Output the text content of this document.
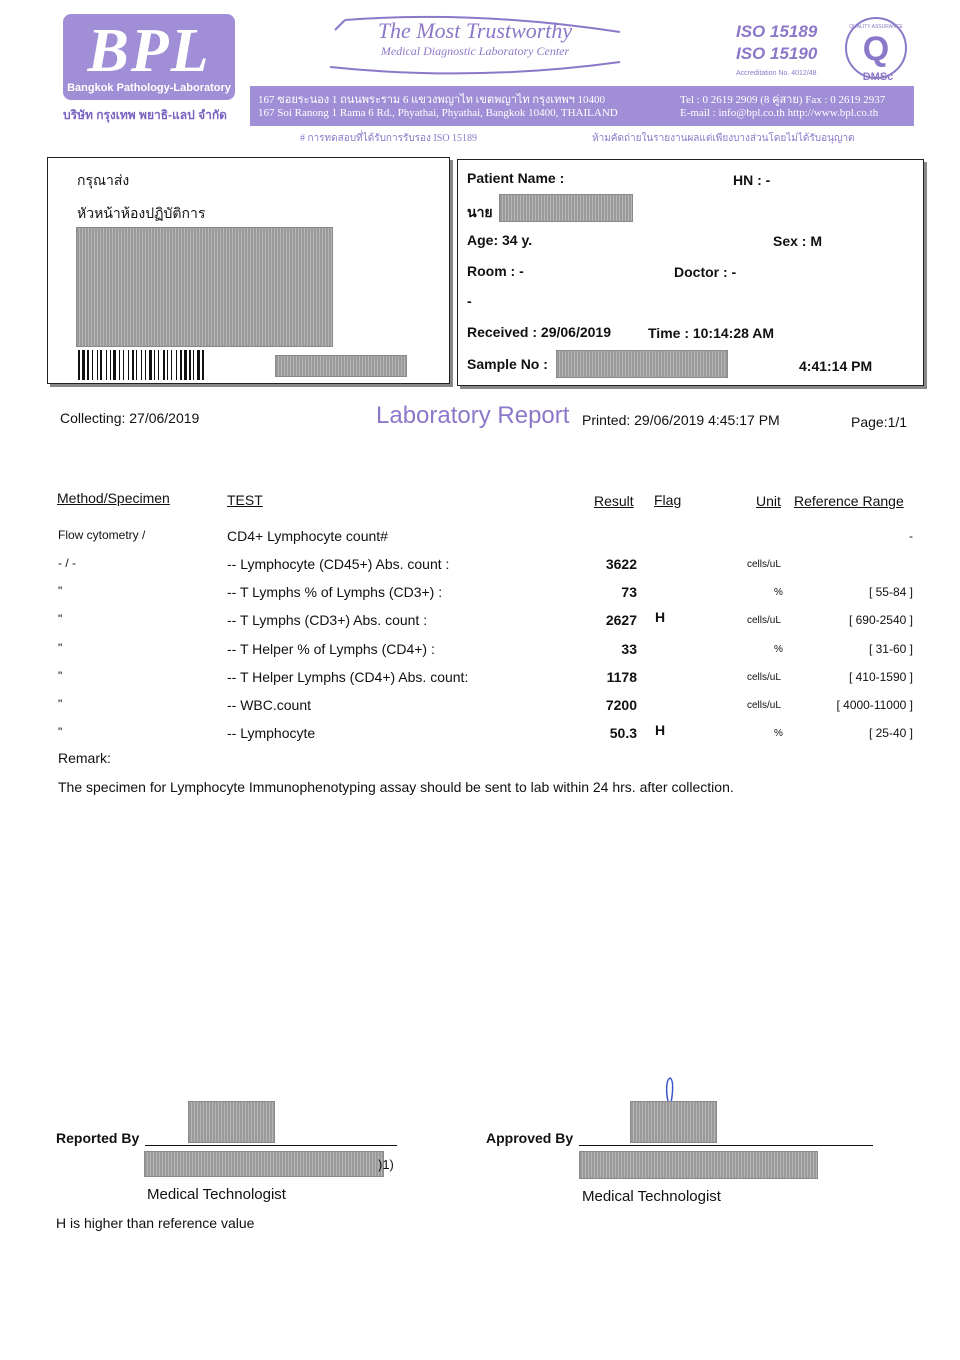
BPL
Bangkok Pathology-Laboratory
บริษัท กรุงเทพ พยาธิ-แลป จำกัด
The Most Trustworthy
Medical Diagnostic Laboratory Center
ISO 15189
ISO 15190
Accreditation No. 4012/48
Q
QUALITY ASSURANCE
DMSc
167 ซอยระนอง 1 ถนนพระราม 6 แขวงพญาไท เขตพญาไท กรุงเทพฯ 10400	Tel : 0 2619 2909 (8 คู่สาย) Fax : 0 2619 2937
167 Soi Ranong 1 Rama 6 Rd., Phyathai, Phyathai, Bangkok 10400, THAILAND	E-mail : info@bpl.co.th http://www.bpl.co.th
# การทดสอบที่ได้รับการรับรอง ISO 15189	ห้ามคัดถ่ายในรายงานผลแต่เพียงบางส่วนโดยไม่ได้รับอนุญาต
กรุณาส่ง
หัวหน้าห้องปฏิบัติการ
Patient Name :	HN : -
นาย
Age: 34 y.	Sex : M
Room : -	Doctor : -
-
Received : 29/06/2019	Time : 10:14:28 AM
Sample No :	4:41:14 PM
Collecting: 27/06/2019	Laboratory Report Printed: 29/06/2019 4:45:17 PM	Page:1/1
Method/Specimen	TEST	Result Flag	Unit Reference Range
Flow cytometry /	CD4+ Lymphocyte count#	-
- / -	-- Lymphocyte (CD45+) Abs. count :	3622	cells/uL
"	-- T Lymphs % of Lymphs (CD3+) :	73	%	[ 55-84 ]
"	-- T Lymphs (CD3+) Abs. count :	2627 H	cells/uL	[ 690-2540 ]
"	-- T Helper % of Lymphs (CD4+) :	33	%	[ 31-60 ]
"	-- T Helper Lymphs (CD4+) Abs. count:	1178	cells/uL	[ 410-1590 ]
"	-- WBC.count	7200	cells/uL	[ 4000-11000 ]
"	-- Lymphocyte	50.3 H	%	[ 25-40 ]
Remark:
The specimen for Lymphocyte Immunophenotyping assay should be sent to lab within 24 hrs. after collection.
Reported By
)1)
Medical Technologist
Approved By
Medical Technologist
H is higher than reference value
